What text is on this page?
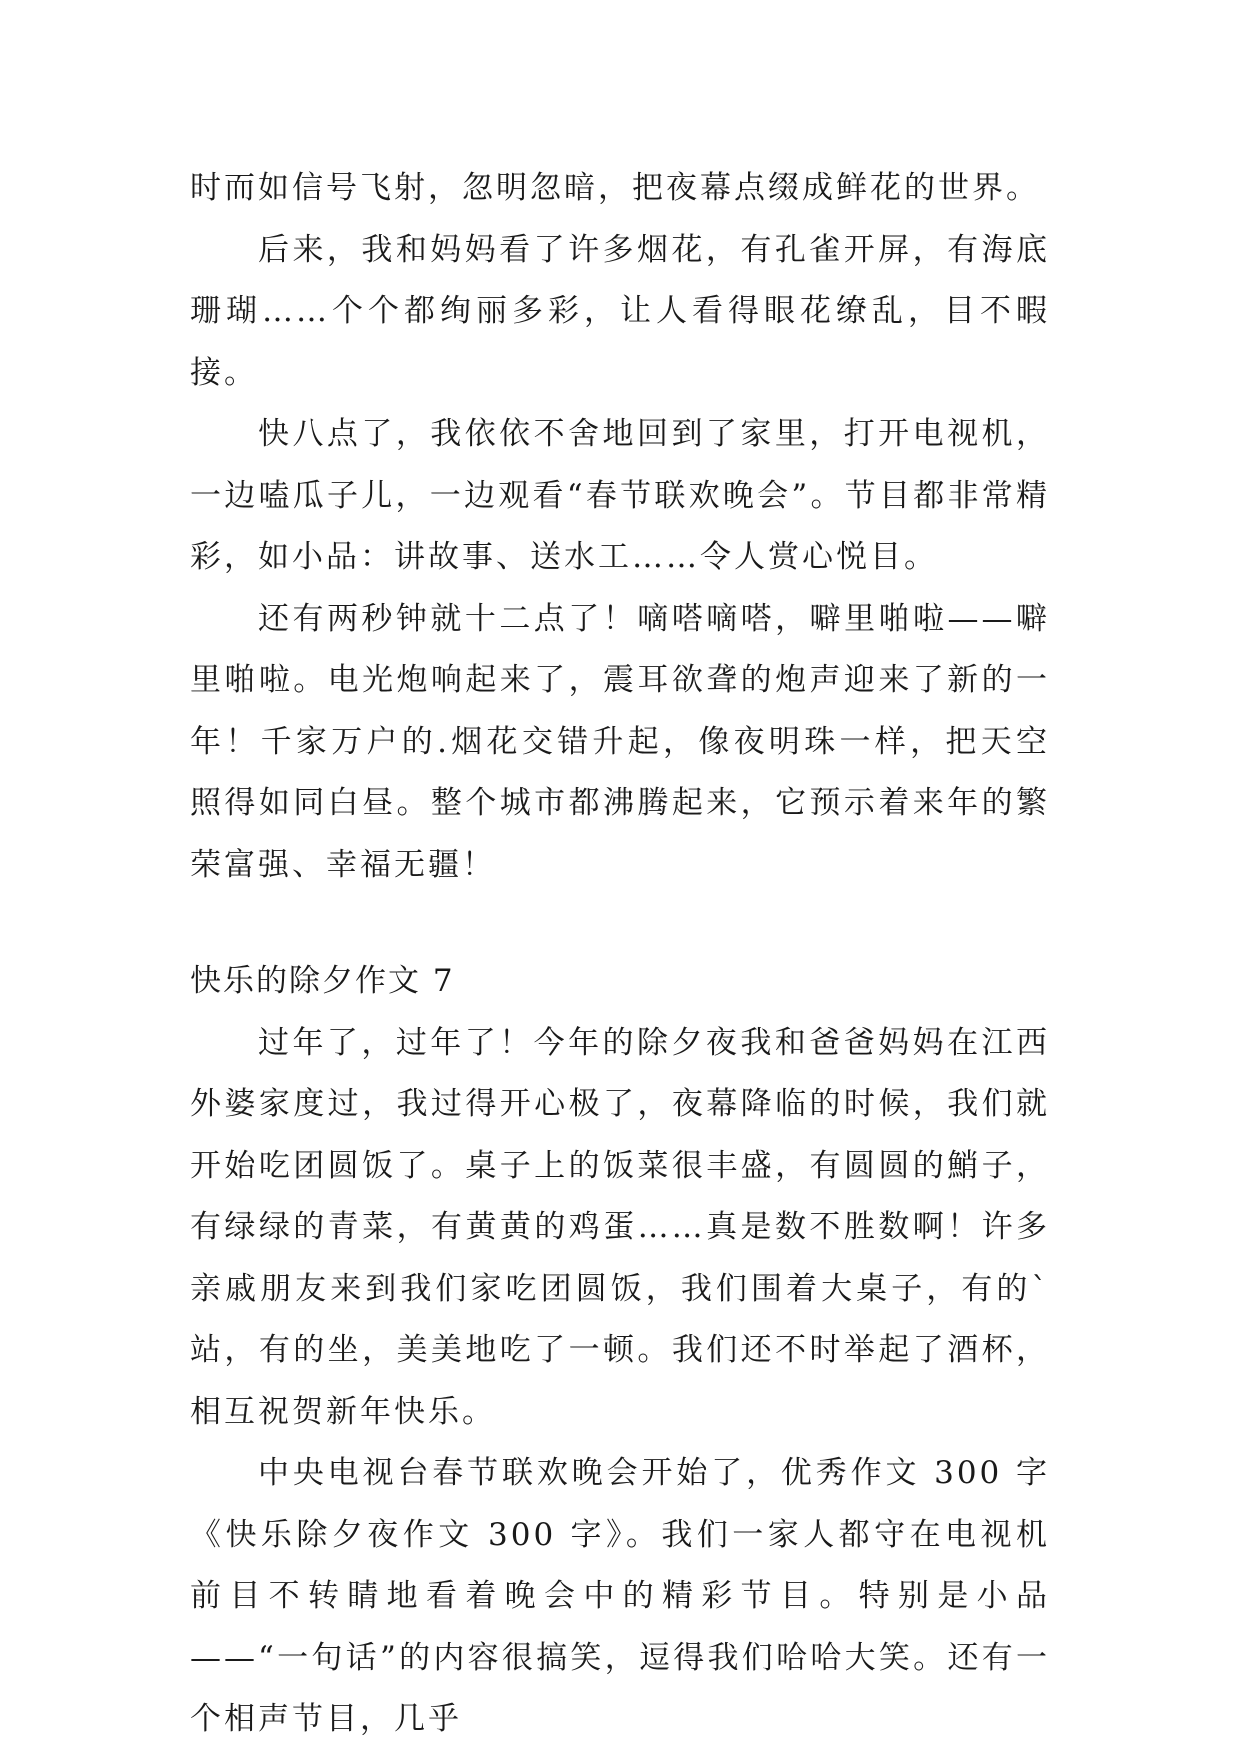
时而如信号飞射，忽明忽暗，把夜幕点缀成鲜花的世界。

后来，我和妈妈看了许多烟花，有孔雀开屏，有海底珊瑚……个个都绚丽多彩，让人看得眼花缭乱，目不暇接。

快八点了，我依依不舍地回到了家里，打开电视机，一边嗑瓜子儿，一边观看“春节联欢晚会”。节目都非常精彩，如小品：讲故事、送水工……令人赏心悦目。

还有两秒钟就十二点了！嘀嗒嘀嗒，噼里啪啦——噼里啪啦。电光炮响起来了，震耳欲聋的炮声迎来了新的一年！千家万户的.烟花交错升起，像夜明珠一样，把天空照得如同白昼。整个城市都沸腾起来，它预示着来年的繁荣富强、幸福无疆！

快乐的除夕作文 7

过年了，过年了！今年的除夕夜我和爸爸妈妈在江西外婆家度过，我过得开心极了，夜幕降临的时候，我们就开始吃团圆饭了。桌子上的饭菜很丰盛，有圆圆的鮹子，有绿绿的青菜，有黄黄的鸡蛋……真是数不胜数啊！许多亲戚朋友来到我们家吃团圆饭，我们围着大桌子，有的`站，有的坐，美美地吃了一顿。我们还不时举起了酒杯，相互祝贺新年快乐。

中央电视台春节联欢晚会开始了，优秀作文 300 字《快乐除夕夜作文 300 字》。我们一家人都守在电视机前目不转睛地看着晚会中的精彩节目。特别是小品——“一句话”的内容很搞笑，逗得我们哈哈大笑。还有一个相声节目，几乎
